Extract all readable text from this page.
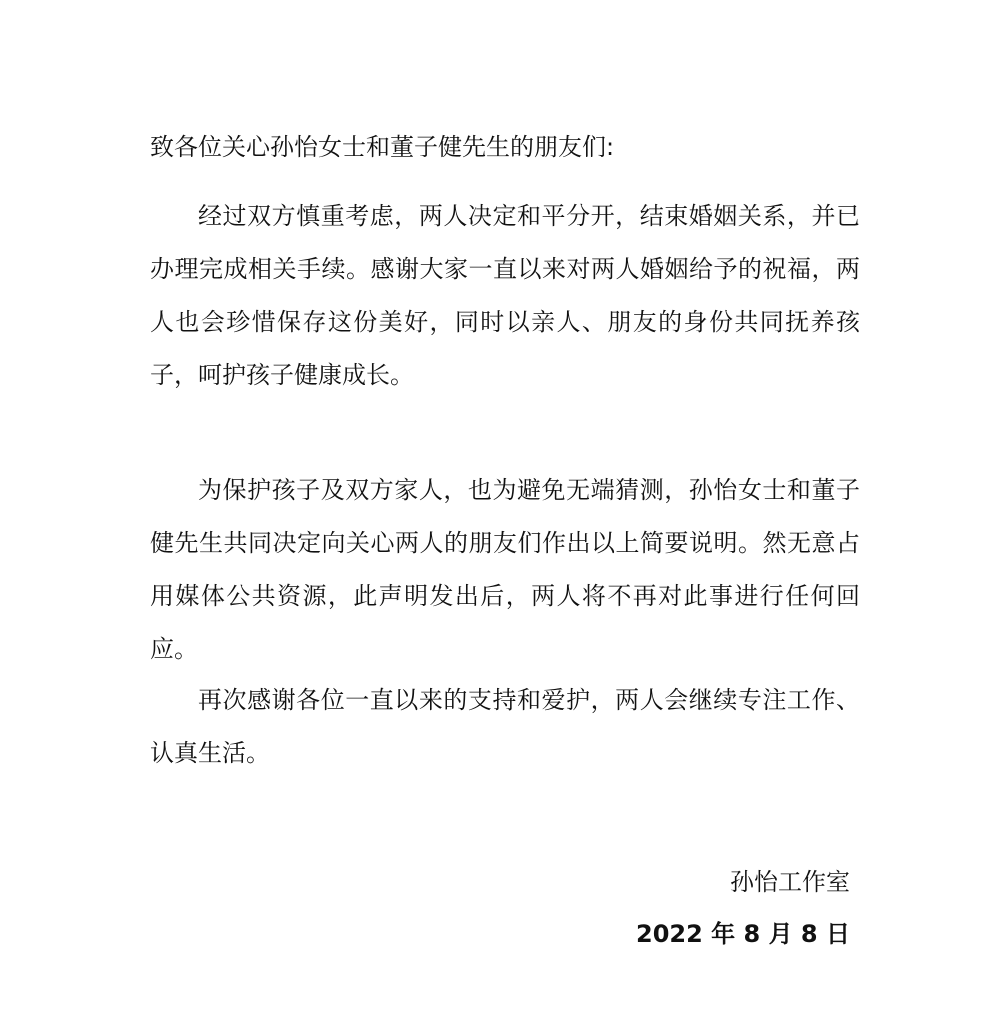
致各位关心孙怡女士和董子健先生的朋友们:

经过双方慎重考虑，两人决定和平分开，结束婚姻关系，并已办理完成相关手续。感谢大家一直以来对两人婚姻给予的祝福，两人也会珍惜保存这份美好，同时以亲人、朋友的身份共同抚养孩子，呵护孩子健康成长。

为保护孩子及双方家人，也为避免无端猜测，孙怡女士和董子健先生共同决定向关心两人的朋友们作出以上简要说明。然无意占用媒体公共资源，此声明发出后，两人将不再对此事进行任何回应。

再次感谢各位一直以来的支持和爱护，两人会继续专注工作、认真生活。

孙怡工作室

2022 年 8 月 8 日
